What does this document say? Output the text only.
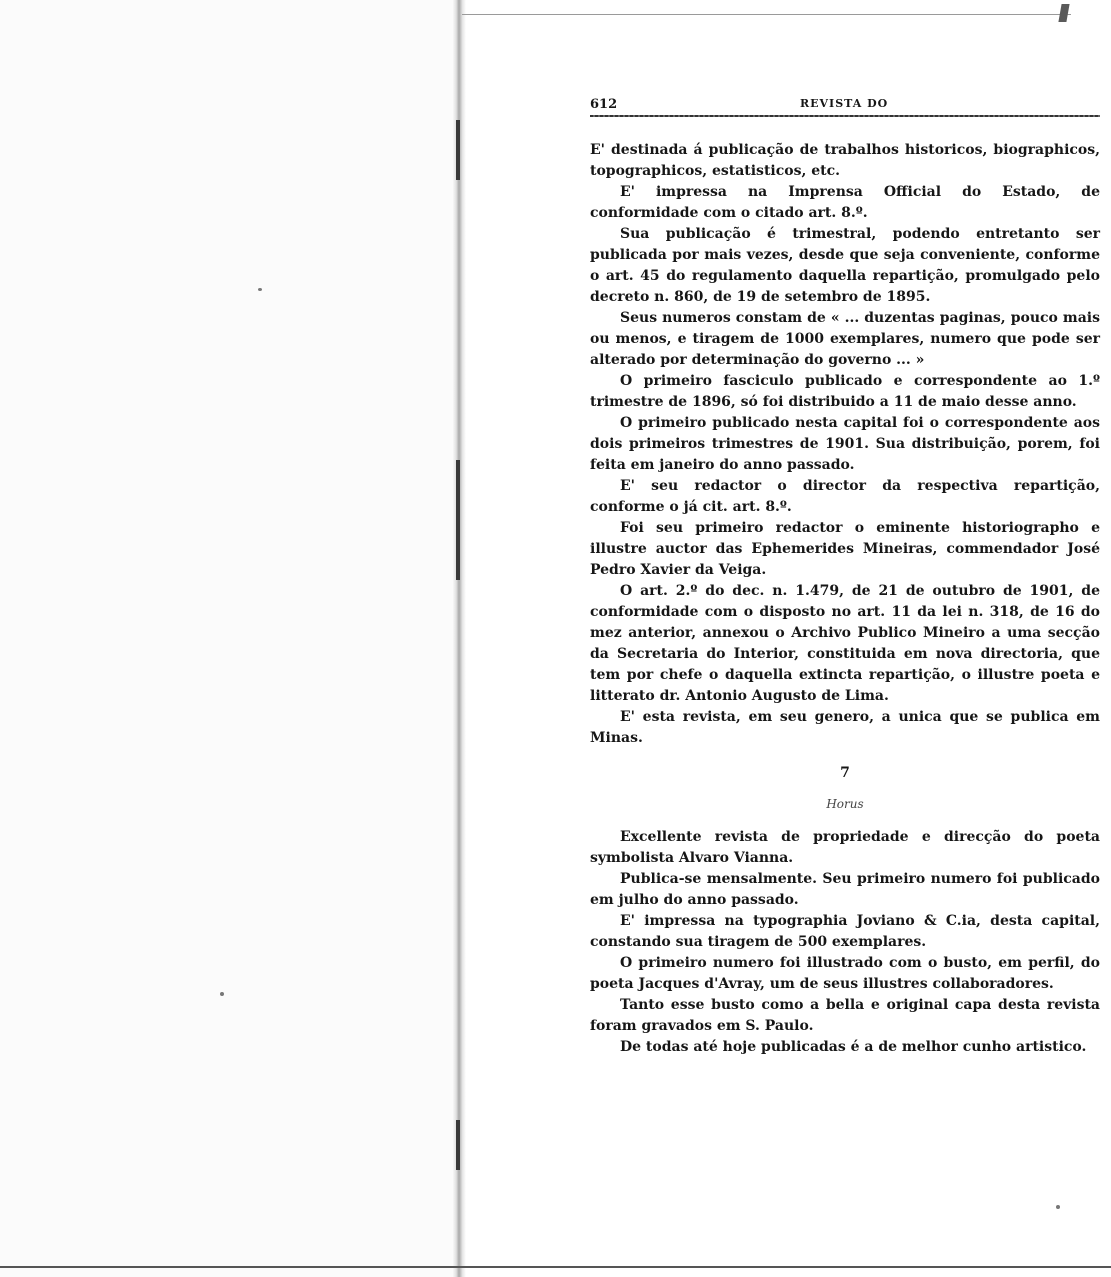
612	REVISTA DO

E' destinada á publicação de trabalhos historicos, biographicos, topographicos, estatisticos, etc.

E' impressa na Imprensa Official do Estado, de conformidade com o citado art. 8.º.

Sua publicação é trimestral, podendo entretanto ser publicada por mais vezes, desde que seja conveniente, conforme o art. 45 do regulamento daquella repartição, promulgado pelo decreto n. 860, de 19 de setembro de 1895.

Seus numeros constam de « ... duzentas paginas, pouco mais ou menos, e tiragem de 1000 exemplares, numero que pode ser alterado por determinação do governo ... »

O primeiro fasciculo publicado e correspondente ao 1.º trimestre de 1896, só foi distribuido a 11 de maio desse anno.

O primeiro publicado nesta capital foi o correspondente aos dois primeiros trimestres de 1901. Sua distribuição, porem, foi feita em janeiro do anno passado.

E' seu redactor o director da respectiva repartição, conforme o já cit. art. 8.º.

Foi seu primeiro redactor o eminente historiographo e illustre auctor das Ephemerides Mineiras, commendador José Pedro Xavier da Veiga.

O art. 2.º do dec. n. 1.479, de 21 de outubro de 1901, de conformidade com o disposto no art. 11 da lei n. 318, de 16 do mez anterior, annexou o Archivo Publico Mineiro a uma secção da Secretaria do Interior, constituida em nova directoria, que tem por chefe o daquella extincta repartição, o illustre poeta e litterato dr. Antonio Augusto de Lima.

E' esta revista, em seu genero, a unica que se publica em Minas.

7
Horus

Excellente revista de propriedade e direcção do poeta symbolista Alvaro Vianna.

Publica-se mensalmente. Seu primeiro numero foi publicado em julho do anno passado.

E' impressa na typographia Joviano & C.ia, desta capital, constando sua tiragem de 500 exemplares.

O primeiro numero foi illustrado com o busto, em perfil, do poeta Jacques d'Avray, um de seus illustres collaboradores.

Tanto esse busto como a bella e original capa desta revista foram gravados em S. Paulo.

De todas até hoje publicadas é a de melhor cunho artistico.
